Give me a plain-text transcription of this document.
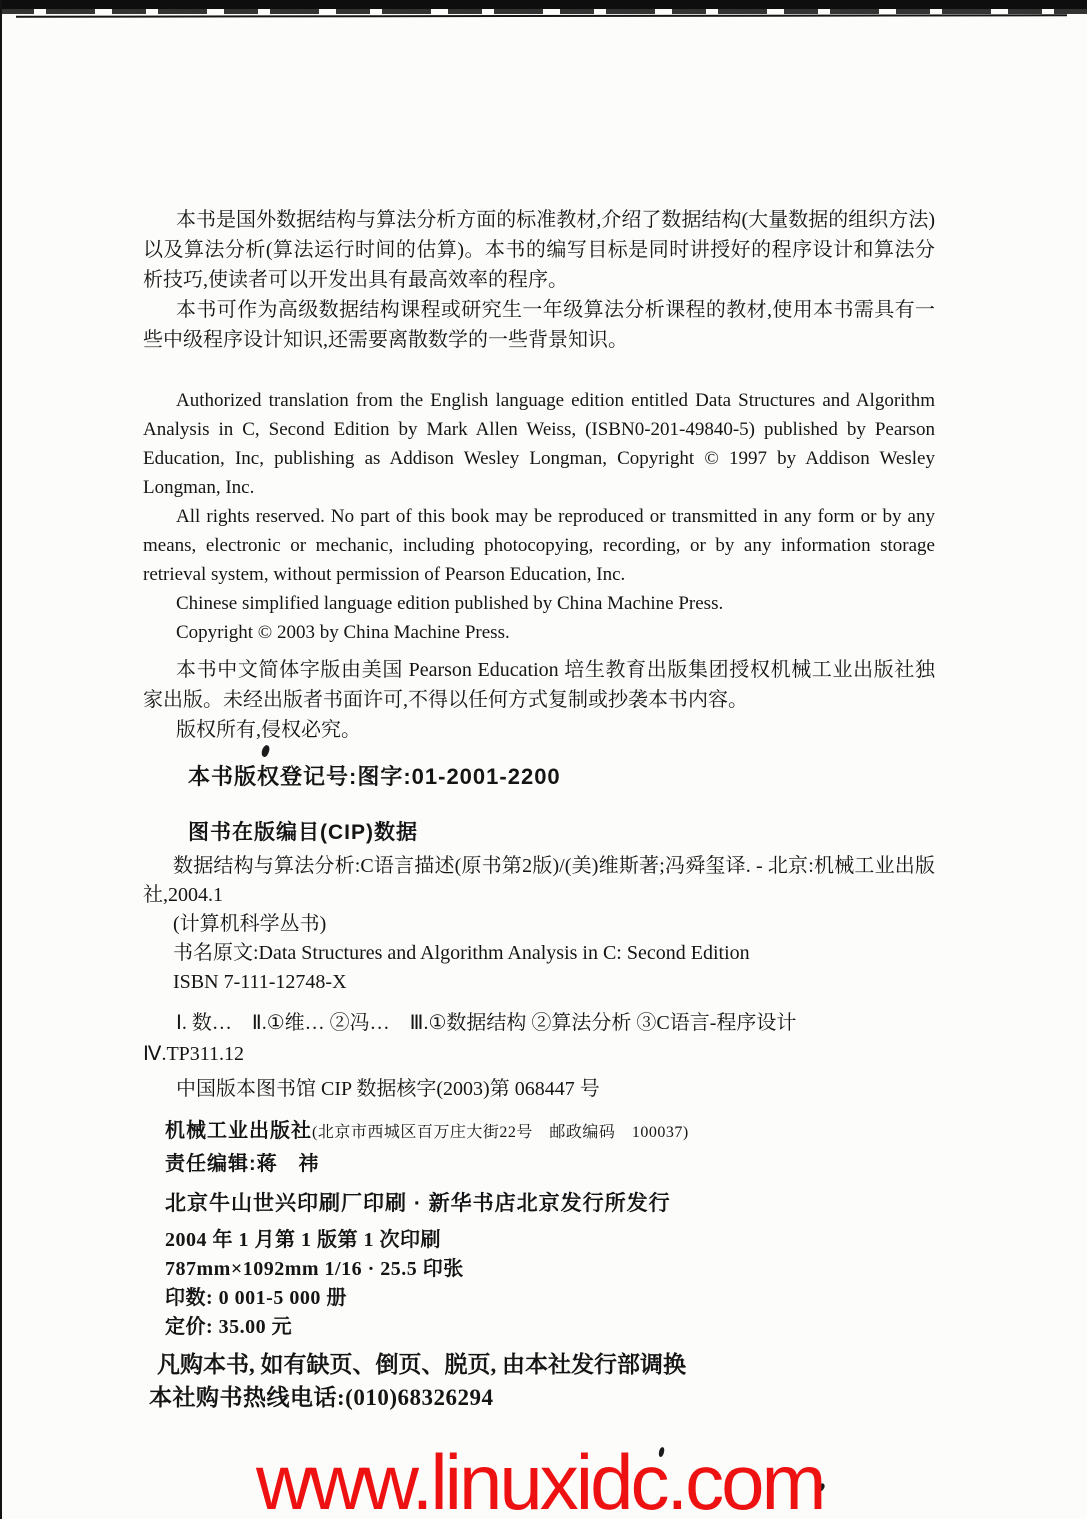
本书是国外数据结构与算法分析方面的标准教材,介绍了数据结构(大量数据的组织方法)以及算法分析(算法运行时间的估算)。本书的编写目标是同时讲授好的程序设计和算法分析技巧,使读者可以开发出具有最高效率的程序。

本书可作为高级数据结构课程或研究生一年级算法分析课程的教材,使用本书需具有一些中级程序设计知识,还需要离散数学的一些背景知识。

Authorized translation from the English language edition entitled Data Structures and Algorithm Analysis in C, Second Edition by Mark Allen Weiss, (ISBN0-201-49840-5) published by Pearson Education, Inc, publishing as Addison Wesley Longman, Copyright © 1997 by Addison Wesley Longman, Inc.

All rights reserved. No part of this book may be reproduced or transmitted in any form or by any means, electronic or mechanic, including photocopying, recording, or by any information storage retrieval system, without permission of Pearson Education, Inc.

Chinese simplified language edition published by China Machine Press.

Copyright © 2003 by China Machine Press.

本书中文简体字版由美国 Pearson Education 培生教育出版集团授权机械工业出版社独家出版。未经出版者书面许可,不得以任何方式复制或抄袭本书内容。

版权所有,侵权必究。

本书版权登记号:图字:01-2001-2200
图书在版编目(CIP)数据

数据结构与算法分析:C语言描述(原书第2版)/(美)维斯著;冯舜玺译. - 北京:机械工业出版社,2004.1

(计算机科学丛书)

书名原文:Data Structures and Algorithm Analysis in C: Second Edition

ISBN 7-111-12748-X

Ⅰ. 数…　Ⅱ.①维… ②冯…　Ⅲ.①数据结构 ②算法分析 ③C语言-程序设计

Ⅳ.TP311.12

中国版本图书馆 CIP 数据核字(2003)第 068447 号
机械工业出版社(北京市西城区百万庄大街22号　邮政编码　100037)
责任编辑:蒋　祎
北京牛山世兴印刷厂印刷 · 新华书店北京发行所发行

2004 年 1 月第 1 版第 1 次印刷

787mm×1092mm 1/16 · 25.5 印张

印数: 0 001-5 000 册

定价: 35.00 元

凡购本书, 如有缺页、倒页、脱页, 由本社发行部调换

本社购书热线电话:(010)68326294

www.linuxidc.com
